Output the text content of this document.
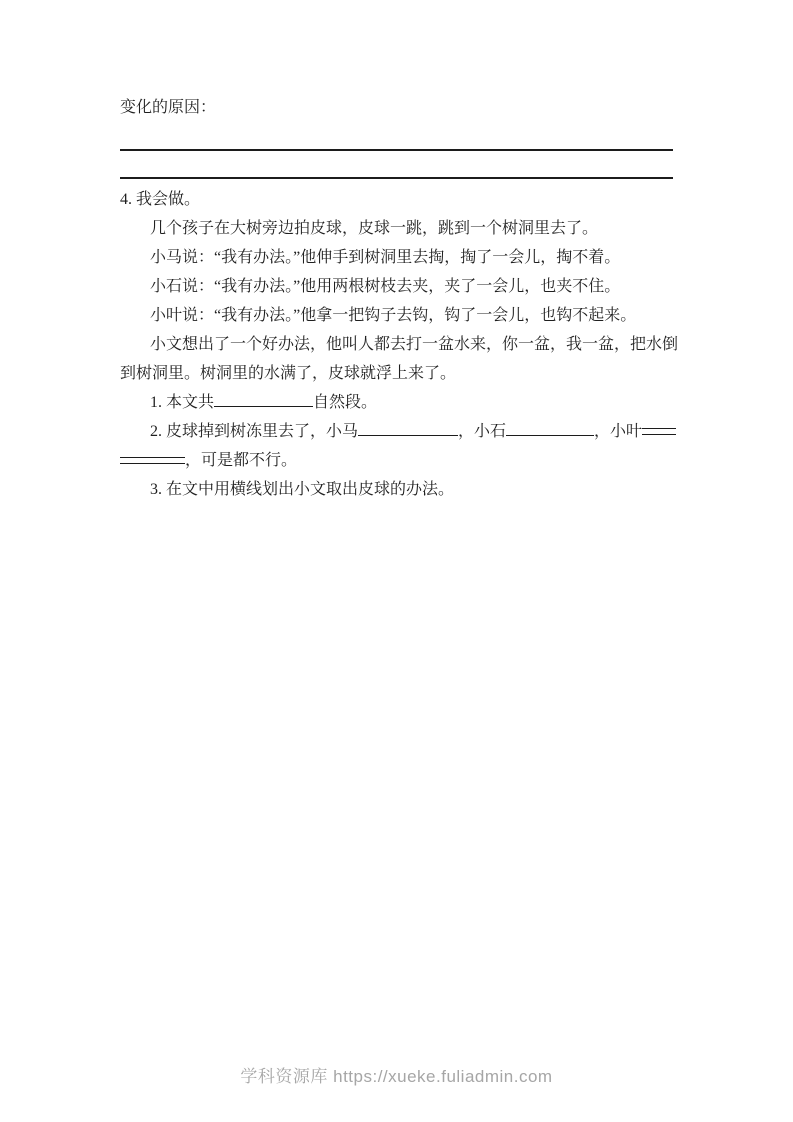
变化的原因：
4. 我会做。
几个孩子在大树旁边拍皮球，皮球一跳，跳到一个树洞里去了。
小马说：“我有办法。”他伸手到树洞里去掏，掏了一会儿，掏不着。
小石说：“我有办法。”他用两根树枝去夹，夹了一会儿，也夹不住。
小叶说：“我有办法。”他拿一把钩子去钩，钩了一会儿，也钩不起来。
小文想出了一个好办法，他叫人都去打一盆水来，你一盆，我一盆，把水倒
到树洞里。树洞里的水满了，皮球就浮上来了。
1. 本文共	自然段。
2. 皮球掉到树冻里去了，小马	，小石	，小叶
，可是都不行。
3. 在文中用横线划出小文取出皮球的办法。
学科资源库 https://xueke.fuliadmin.com
